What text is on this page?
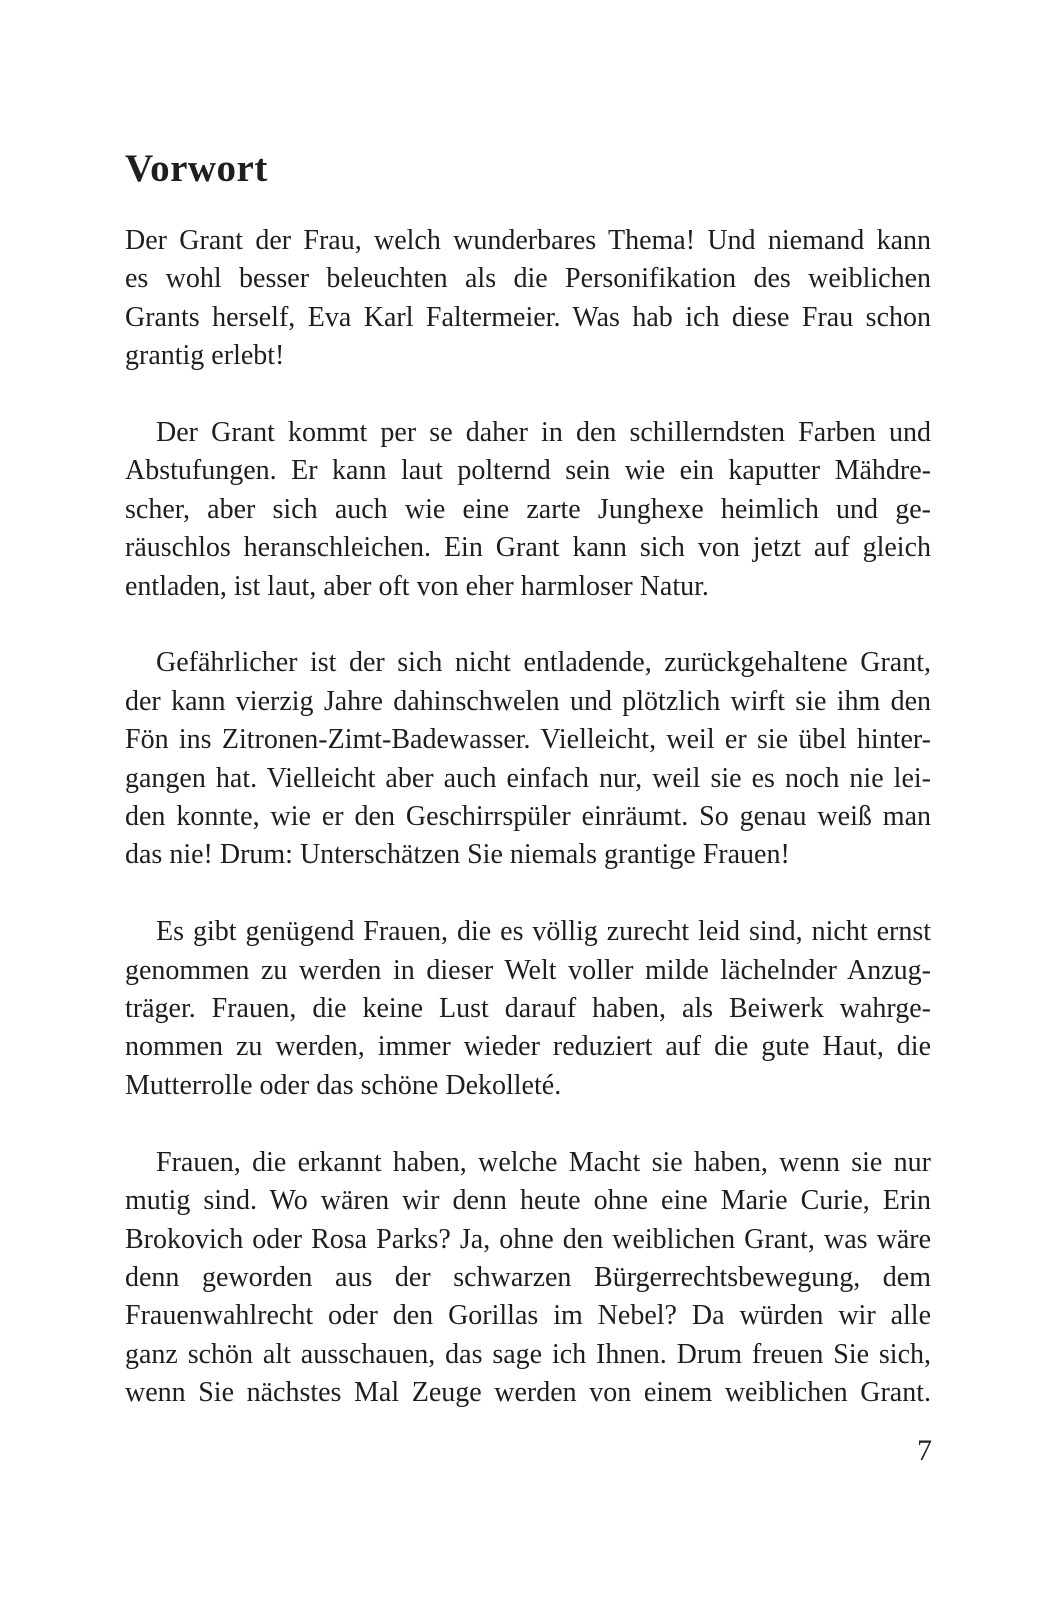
Vorwort
Der Grant der Frau, welch wunderbares Thema! Und niemand kann
es wohl besser beleuchten als die Personifikation des weiblichen
Grants herself, Eva Karl Faltermeier. Was hab ich diese Frau schon
grantig erlebt!
Der Grant kommt per se daher in den schillerndsten Farben und
Abstufungen. Er kann laut polternd sein wie ein kaputter Mähdre-
scher, aber sich auch wie eine zarte Junghexe heimlich und ge-
räuschlos heranschleichen. Ein Grant kann sich von jetzt auf gleich
entladen, ist laut, aber oft von eher harmloser Natur.
Gefährlicher ist der sich nicht entladende, zurückgehaltene Grant,
der kann vierzig Jahre dahinschwelen und plötzlich wirft sie ihm den
Fön ins Zitronen-Zimt-Badewasser. Vielleicht, weil er sie übel hinter-
gangen hat. Vielleicht aber auch einfach nur, weil sie es noch nie lei-
den konnte, wie er den Geschirrspüler einräumt. So genau weiß man
das nie! Drum: Unterschätzen Sie niemals grantige Frauen!
Es gibt genügend Frauen, die es völlig zurecht leid sind, nicht ernst
genommen zu werden in dieser Welt voller milde lächelnder Anzug-
träger. Frauen, die keine Lust darauf haben, als Beiwerk wahrge-
nommen zu werden, immer wieder reduziert auf die gute Haut, die
Mutterrolle oder das schöne Dekolleté.
Frauen, die erkannt haben, welche Macht sie haben, wenn sie nur
mutig sind. Wo wären wir denn heute ohne eine Marie Curie, Erin
Brokovich oder Rosa Parks? Ja, ohne den weiblichen Grant, was wäre
denn geworden aus der schwarzen Bürgerrechtsbewegung, dem
Frauenwahlrecht oder den Gorillas im Nebel? Da würden wir alle
ganz schön alt ausschauen, das sage ich Ihnen. Drum freuen Sie sich,
wenn Sie nächstes Mal Zeuge werden von einem weiblichen Grant.
7
